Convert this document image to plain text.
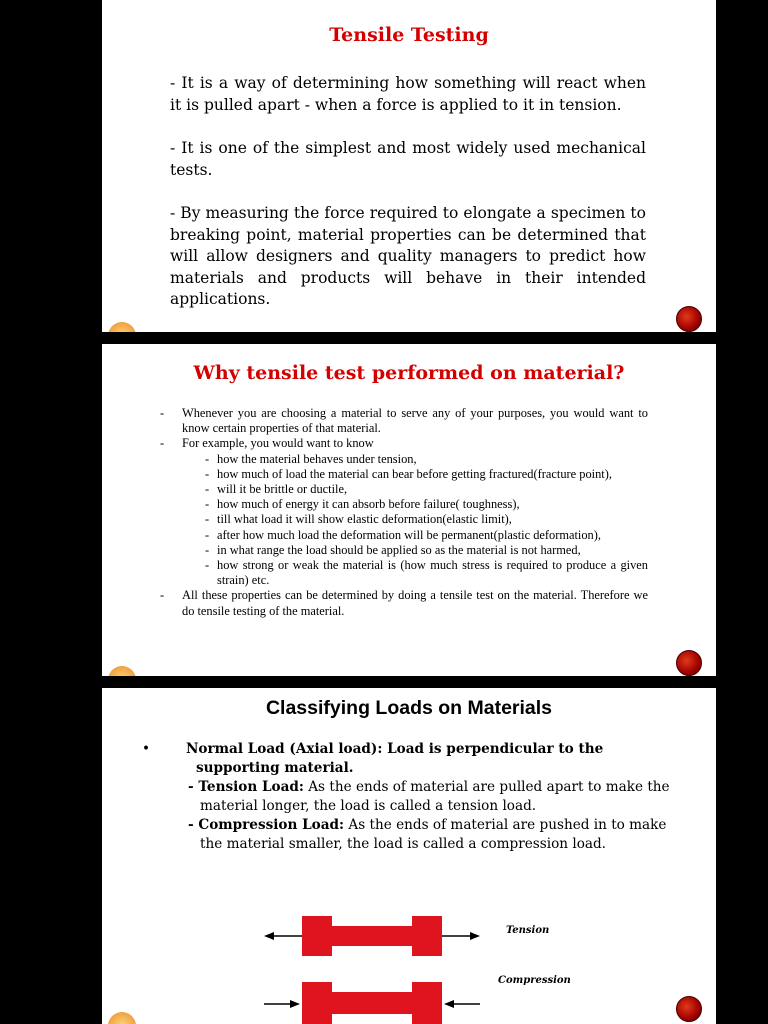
Tensile Testing

- It is a way of determining how something will react when it is pulled apart - when a force is applied to it in tension.

- It is one of the simplest and most widely used mechanical tests.

- By measuring the force required to elongate a specimen to breaking point, material properties can be determined that will allow designers and quality managers to predict how materials and products will behave in their intended applications.

Why tensile test performed on material?
- Whenever you are choosing a material to serve any of your purposes, you would want to know certain properties of that material.
- For example, you would want to know
- how the material behaves under tension,
- how much of load the material can bear before getting fractured(fracture point),
- will it be brittle or ductile,
- how much of energy it can absorb before failure( toughness),
- till what load it will show elastic deformation(elastic limit),
- after how much load the deformation will be permanent(plastic deformation),
- in what range the load should be applied so as the material is not harmed,
- how strong or weak the material is (how much stress is required to produce a given strain) etc.
- All these properties can be determined by doing a tensile test on the material. Therefore we do tensile testing of the material.
Classifying Loads on Materials
•	Normal Load (Axial load): Load is perpendicular to the supporting material.
- Tension Load: As the ends of material are pulled apart to make the material longer, the load is called a tension load.
- Compression Load: As the ends of material are pushed in to make the material smaller, the load is called a compression load.
Tension
Compression
